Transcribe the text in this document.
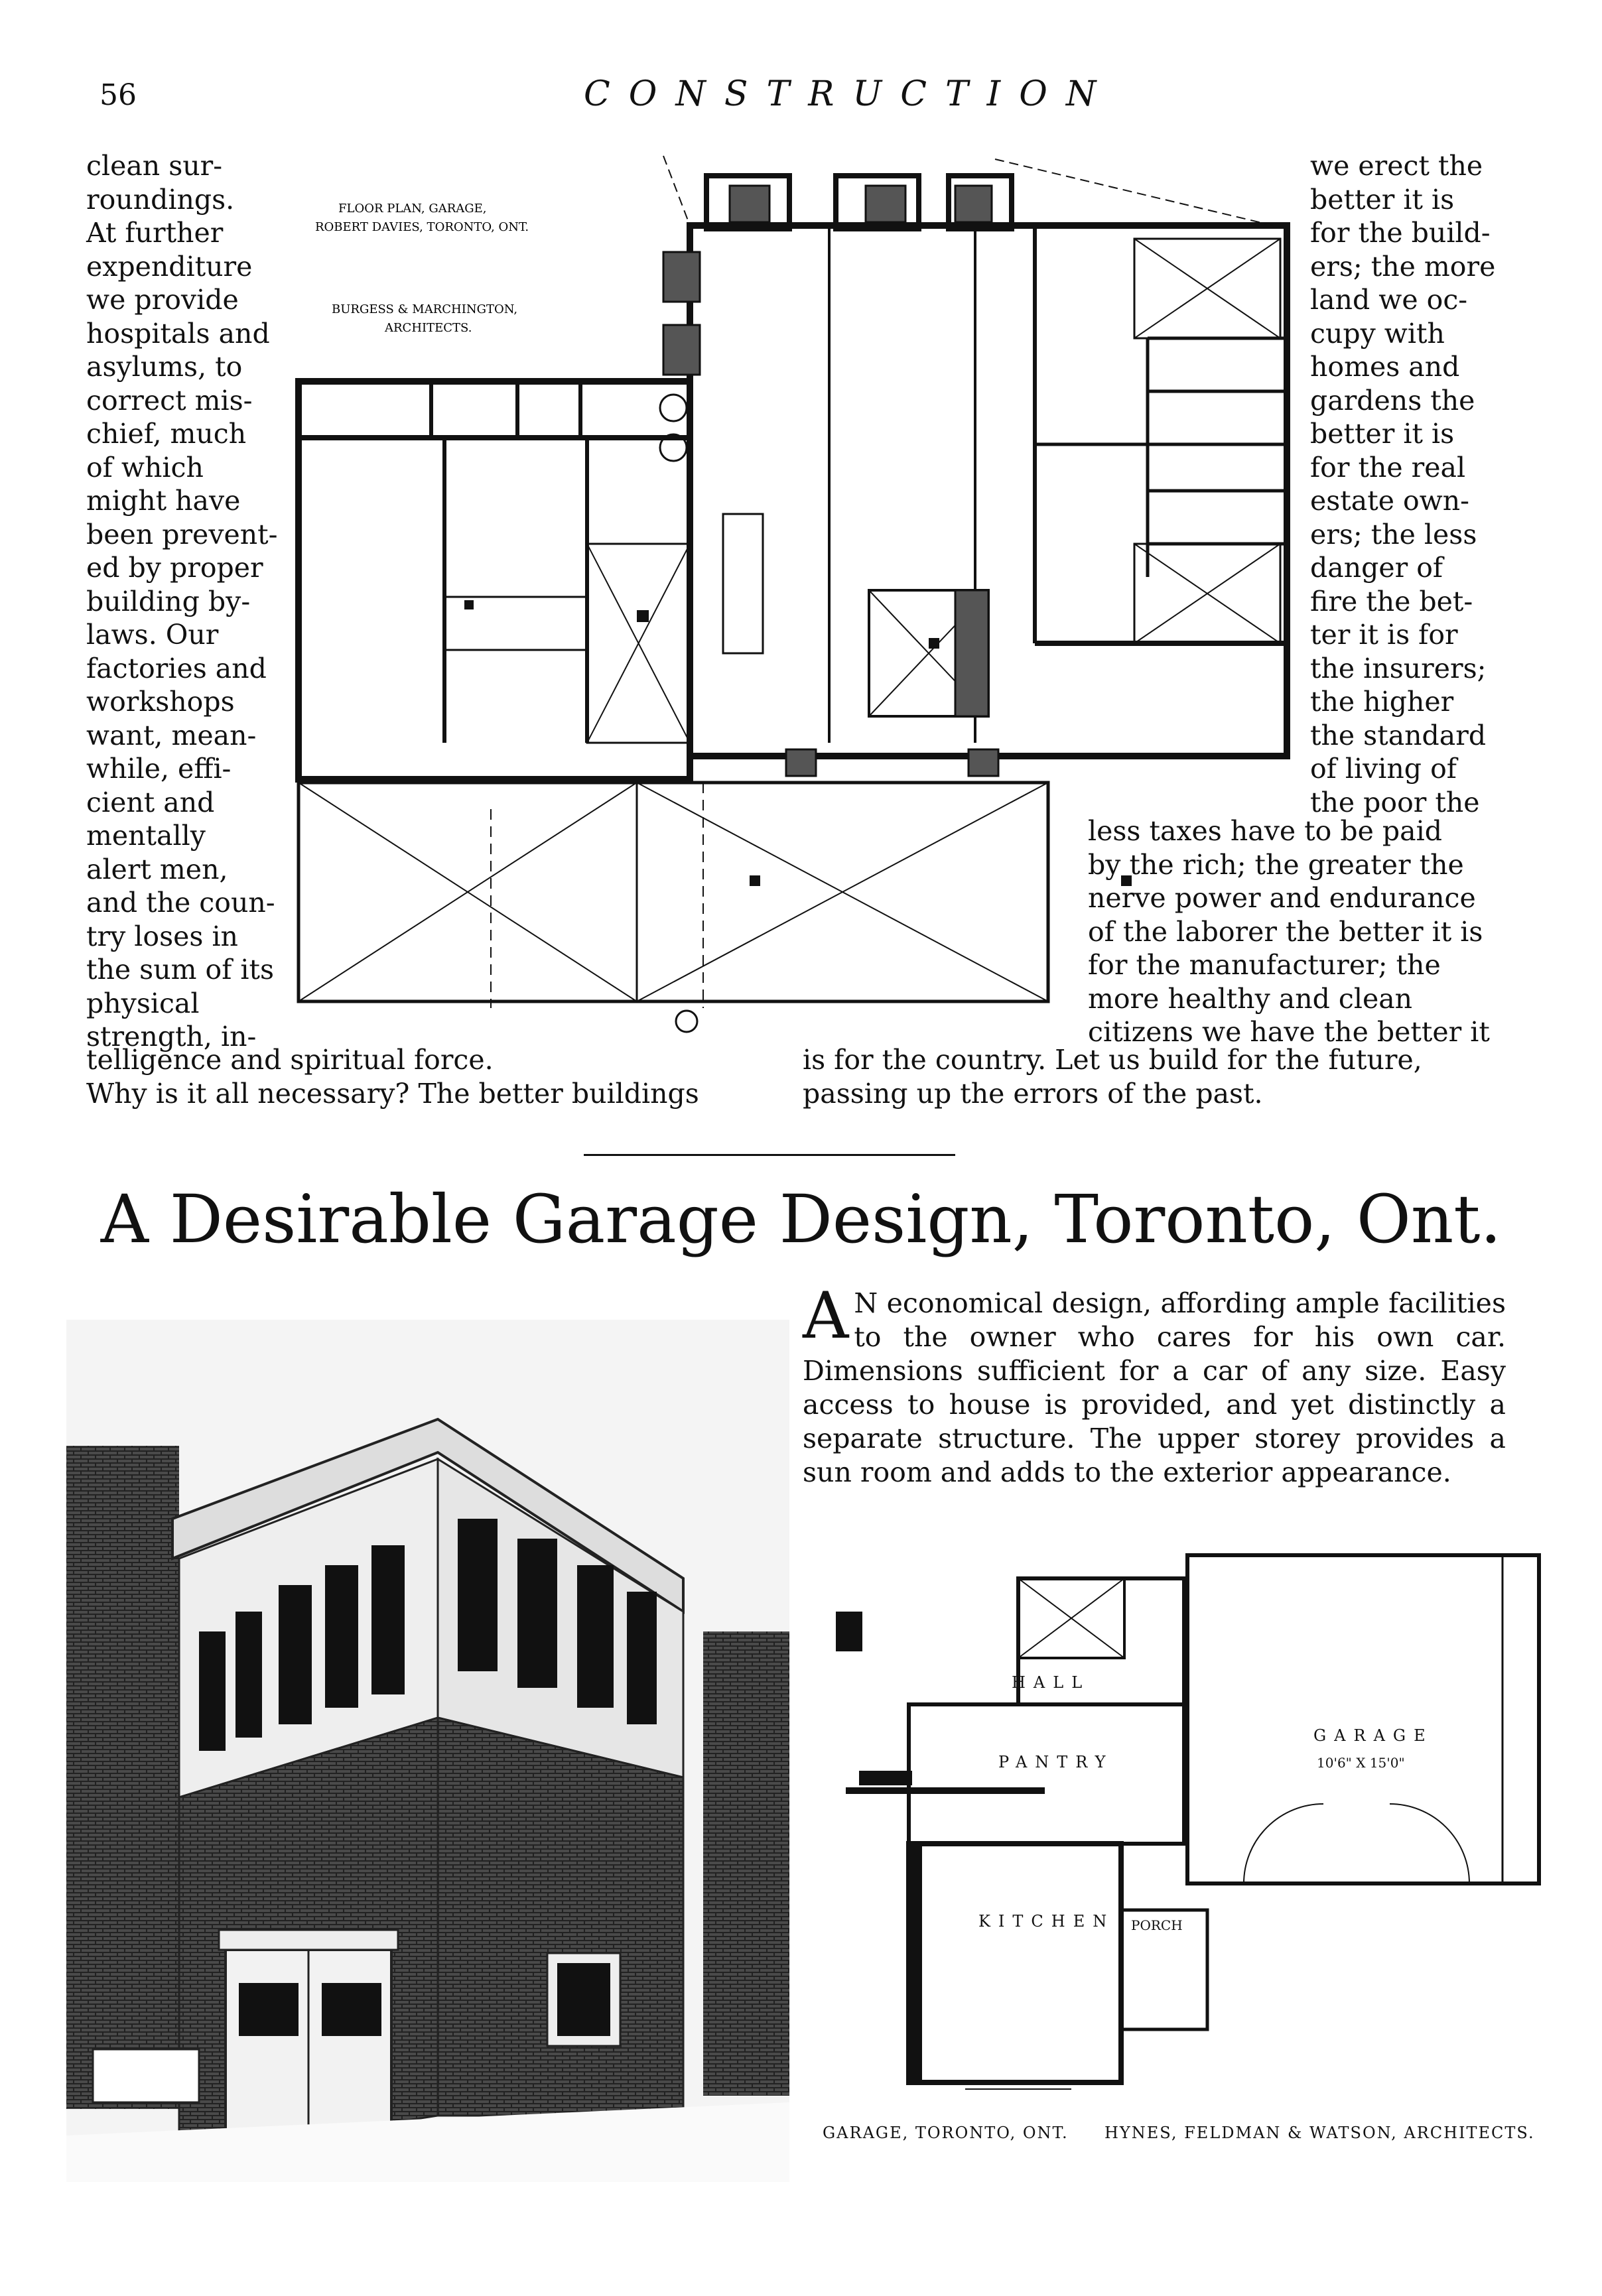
56	CONSTRUCTION

clean sur-

roundings.

At further

expenditure

we provide

hospitals and

asylums, to

correct mis-

chief, much

of which

might have

been prevent-

ed by proper

building by-

laws. Our

factories and

workshops

want, mean-

while, effi-

cient and

mentally

alert men,

and the coun-

try loses in

the sum of its

physical

strength, in-

FLOOR PLAN, GARAGE,
ROBERT DAVIES, TORONTO, ONT.
BURGESS & MARCHINGTON,
ARCHITECTS.

we erect the

better it is

for the build-

ers; the more

land we oc-

cupy with

homes and

gardens the

better it is

for the real

estate own-

ers; the less

danger of

fire the bet-

ter it is for

the insurers;

the higher

the standard

of living of

the poor the

less taxes have to be paid

by the rich; the greater the

nerve power and endurance

of the laborer the better it is

for the manufacturer; the

more healthy and clean

citizens we have the better it

telligence and spiritual force.

Why is it all necessary? The better buildings

is for the country. Let us build for the future,

passing up the errors of the past.

A Desirable Garage Design, Toronto, Ont.
A N economical design, affording ample facilities to the owner who cares for his own car. Dimensions sufficient for a car of any size. Easy access to house is provided, and yet distinctly a separate structure. The upper storey provides a sun room and adds to the exterior appearance.
HALL
PANTRY
KITCHEN
GARAGE
PORCH
10'6" X 15'0"
GARAGE, TORONTO, ONT. HYNES, FELDMAN & WATSON, ARCHITECTS.
